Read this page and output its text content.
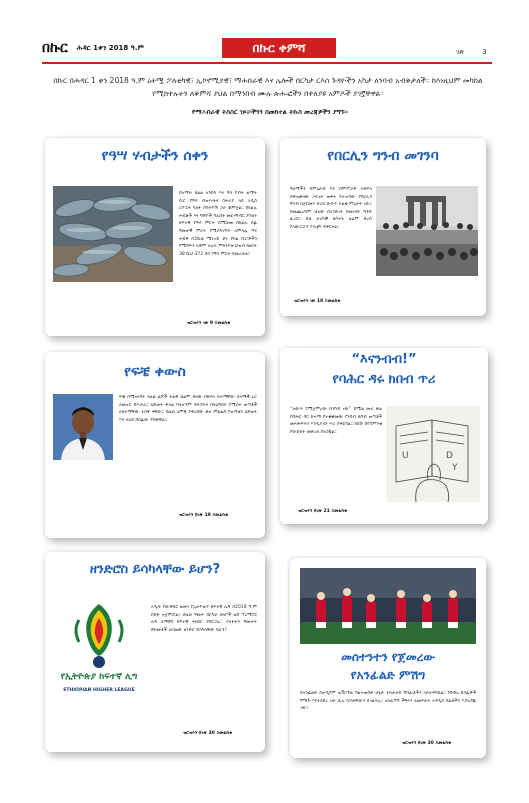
በኩር ሕዳር 1ቀን 2018 ዓ.ም	በኩር ቀምሻ	ገጽ	3
በኩር በሕዳር 1 ቀን 2018 ዓ.ም ዕትሟ ፖለቲካዊ፣ ኢኮኖሚያዊ፣ ማሕበራዊ እና ሌሎች በርካታ ርእሰ ጉዳዮችን አካታ ለንባብ አብቅታለች። ከእነዚህም መካከል የሚከተሉትን ለቅምሻ ያህል በማንበብ ሙሉ ጽሑፎችን በተለያዩ አምዶች ያገኟቸዋል።
የማሕበራዊ ትስስር ገጾቻችንን በመከተል ትኩስ መረጃዎችን ያግኙ።
የዓሣ ሃብታችን ሰቀን
በአማራ ክልል አንበሳ እና ዓሳ የብት ልማት ቢሮ የዓሳ ብዝሃነትና ባሕሪያ ላይ አዲስ ሪፖርት ካለፉ ሶስትዮሽ ጋራ ቆምቷል። በክልሉ ሐይቆች እና ግድቦች ባሉበት መርሃግብር ያሳለሩ ከፍተኛ የዓሳ ምርት በሚሰጡ በክልሉ ሰፊ ዓመታዊ ምርት የሚያስገኙት ለምሳሌ ጣና ሐይቅ በ3ሺህ ሜትሪክ ቶን ያክል ቢሮዎችን የሚሸፍን አቅም አሉት ምክንያቱ ህዝብ ከዘርፉ 38 ሺህ 372 ቶን የዓሳ ምርት ይመረታል።
ዝርዝሩን ገጽ 9 ይመልከቱ
የበርሊን ግንብ መገንባ
ዓለማችን በምዕራብ እና በምሥራቅ ተከፍላ በቀዝቃዛው ጦርነት ወቅት የተገነባው የበርሊን ግንብ ከጀርመን ታሪክ ውስጥ ትልቁ ምዕራፍ ነው። በመጨረሻም ህዝቡ በአንድነት በመነሳት ግንቡ ፈረሰ። ይህ ታሪካዊ ክስተት ዛሬም ድረስ የአውሮፓን ፖለቲካ ይቀርጻል።
ዝርዝሩን ገጽ 18 ይመልከቱ
የፍቼ ቀውስ
ፍቼ በሚኖሩበት ክልል ልጆች ትልቅ ህልም ይዘው በክፍለ ከተማቸው ሰላማዊ ኑሮ ለመኖር ይጥራሉ። ህይወት ቀላል ባትሆንም በትጋትና በትዕግስት የሚሰሩ ወጣቶች ለከተማቸው ተስፋ ናቸው። በዚህ አምድ የቀረበው ቃለ ምልልስ የወጣቱን ህይወት እና ራዕይ በሰፊው ያስቃኛል።
ዝርዝሩን በገጽ 19 ይመልከቱ
“እናንብብ!”
የባሕር ዳሩ ክበብ ጥሪ
“ለውጥ የሚጀምረው ከንባብ ነው” በሚል መሪ ቃል በባሕር ዳር ከተማ የተቋቋመው የንባብ ክበብ ወጣቶች መጻሕፍትን እንዲያነቡ ጥሪ ያቀርባል። ክበቡ በየሳምንቱ የውይይት መድረክ ያዘጋጃል።
U	D
Y
ዝርዝሩን በገጽ 21 ይመልከቱ
ዘንድሮስ ይሳካላቸው ይሆን?
የኢትዮጵያ ከፍተኛ ሊግ
ETHIOPIAN HIGHER LEAGUE
አዲሱ የውድድር ዘመን የኢትዮጵያ ከፍተኛ ሊግ በ2018 ዓ.ም በይፋ ተጀምሯል። በዚህ ዓመት በርካታ ክለቦች ወደ ፕሪሚየር ሊግ ለማደግ ከፍተኛ ፉክክር ያደርጋሉ። ያለፉትን ዓመታት ድክመቶች አርመው ዘንድሮ ይሳካላቸው ይሆን?
ዝርዝሩን በገጽ 30 ይመልከቱ
መሰተንተን የጀመረው
የአንፊልድ ምሽግ
በአንፊልድ ስታዲየም ሊቨርፑል ባልተጠበቀ ሁኔታ ተከታታይ ሽንፈቶችን አስተናግዷል። የቡድኑ ደጋፊዎች ምሽጉ እየተሰበረ ነው ሲሉ ስጋታቸውን ይገልጻሉ። አሰልጣኙ ችግሩን ለመፍታት አዳዲስ ስልቶችን እያዘጋጁ ነው።
ዝርዝሩን በገጽ 30 ይመልከቱ
